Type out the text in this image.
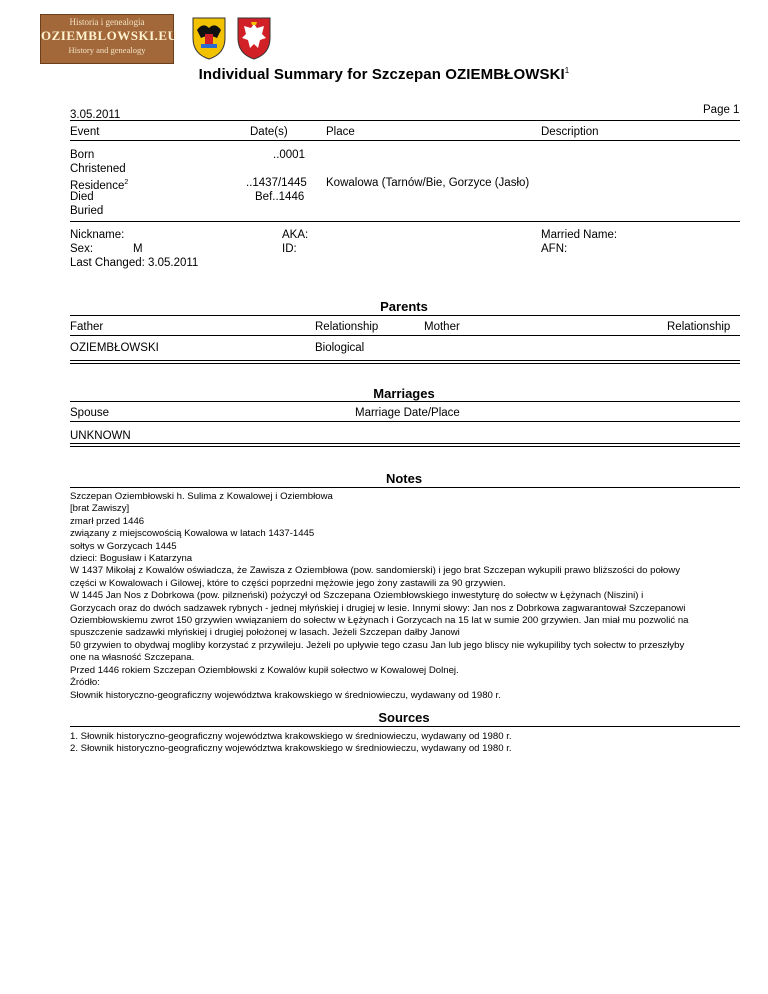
Historia i genealogia
OZIEMBLOWSKI.EU
History and genealogy
Individual Summary for Szczepan OZIEMBŁOWSKI$^1$
3.05.2011	Page 1
Event	Date(s)	Place	Description
Born	..0001
Christened
Residence$^2$	..1437/1445 Kowalowa (Tarnów/Bie, Gorzyce (Jasło)
Died	Bef..1446
Buried
Nickname:
Sex:	M
Last Changed: 3.05.2011
AKA:
ID:
Married Name:
AFN:
Parents
Father	Relationship	Mother	Relationship
OZIEMBŁOWSKI	Biological
Marriages
Spouse	Marriage Date/Place
UNKNOWN
Notes
Szczepan Oziembłowski h. Sulima z Kowalowej i Oziembłowa
[brat Zawiszy]
zmarł przed 1446
związany z miejscowością Kowalowa w latach 1437-1445
sołtys w Gorzycach 1445
dzieci: Bogusław i Katarzyna
W 1437 Mikołaj z Kowalów oświadcza, że Zawisza z Oziembłowa (pow. sandomierski) i jego brat Szczepan wykupili prawo bliższości do połowy
części w Kowalowach i Gilowej, które to części poprzedni mężowie jego żony zastawili za 90 grzywien.
W 1445 Jan Nos z Dobrkowa (pow. pilzneński) pożyczył od Szczepana Oziembłowskiego inwestyturę do sołectw w Łężynach (Niszini) i
Gorzycach oraz do dwóch sadzawek rybnych - jednej młyńskiej i drugiej w lesie. Innymi słowy: Jan nos z Dobrkowa zagwarantował Szczepanowi
Oziembłowskiemu zwrot 150 grzywien wwiązaniem do sołectw w Łężynach i Gorzycach na 15 lat w sumie 200 grzywien. Jan miał mu pozwolić na
spuszczenie sadzawki młyńskiej i drugiej położonej w lasach. Jeżeli Szczepan dałby Janowi
50 grzywien to obydwaj mogliby korzystać z przywileju. Jeżeli po upływie tego czasu Jan lub jego bliscy nie wykupiliby tych sołectw to przeszłyby
one na własność Szczepana.
Przed 1446 rokiem Szczepan Oziembłowski z Kowalów kupił sołectwo w Kowalowej Dolnej.
Źródło:
Słownik historyczno-geograficzny województwa krakowskiego w średniowieczu, wydawany od 1980 r.
Sources
1. Słownik historyczno-geograficzny województwa krakowskiego w średniowieczu, wydawany od 1980 r.
2. Słownik historyczno-geograficzny województwa krakowskiego w średniowieczu, wydawany od 1980 r.
